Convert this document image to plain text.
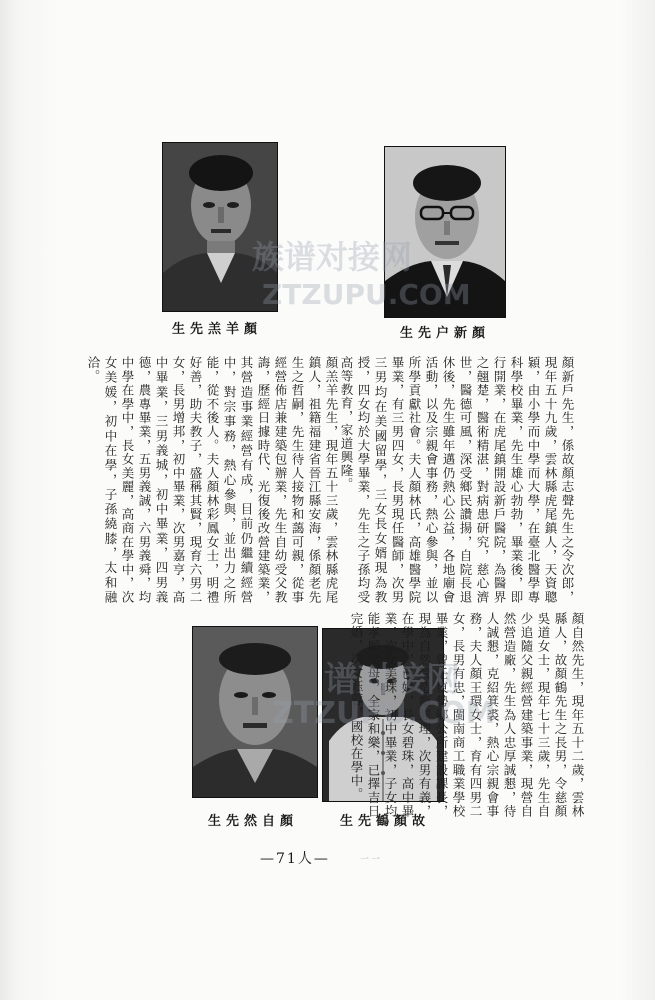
生先羔羊顏	生先户新顏
顏羔羊先生，現年五十三歲，雲林縣虎尾鎮人，祖籍福建省晉江縣安海，係顏老先生之哲嗣，先生待人接物和藹可親，從事經營佈店兼建築包辦業，先生自幼受父教誨，歷經日據時代、光復後改營建築業，其營造事業經營有成，目前仍繼續經營中，對宗事務，熱心參與，並出力之所能，從不後人。夫人顏林彩鳳女士，明禮好善，助夫教子，盛稱其賢，現育六男二女，長男增邦，初中畢業，次男嘉亨，高中畢業，三男義城，初中畢業，四男義德，農專畢業，五男義誠，六男義舜，均中學在學中，長女美麗，高商在學中，次女美媛，初中在學，子孫繞膝，太和融洽。	顏新戶先生，係故顏志聲先生之令次郎，現年五十九歲，雲林縣虎尾鎮人，天資聰穎，由小學而中學而大學，在臺北醫學專科學校畢業，先生雄心勃勃，畢業後，即行開業，在虎尾鎮開設新戶醫院，為醫界之翹楚，醫術精湛，對病患研究，慈心濟世，醫德可風，深受鄉民讚揚，自院長退休後，先生雖年邁仍熱心公益，各地廟會活動，以及宗親會事務，熱心參與，並以所學貢獻社會。夫人顏林氏，高雄醫學院畢業，有三男四女，長男現任醫師，次男三男均在美國留學，三女長女婿現為教授，四女均於大學畢業，先生之子孫均受高等教育，家道興隆。
生先然自顏	生先鶴顏故
顏自然先生，現年五十二歲，雲林縣人，故顏鶴先生之長男，令慈顏吳道女士，現年七十三歲，先生自少追隨父親經營建築事業，現營自然營造廠，先生為人忠厚誠懇，待人誠懇，克紹箕裘，熱心宗親會事務，夫人顏王環女士，育有四男二女，長男有忠，閩南商工職業學校畢業，曾任東勢鄉公所建設課長，現為自然營造廠經理，次男有義，在學中，已婚，長女碧珠，高中畢業，次女美珠，初中畢業，子女均能孝順父母，全家和樂，已擇吉日完婚，次女鈺蓉，國校在學中。
—71人—	一一
族谱对接网
ZTZUPU.COM
谱对接网
ZTZUPU.COM
